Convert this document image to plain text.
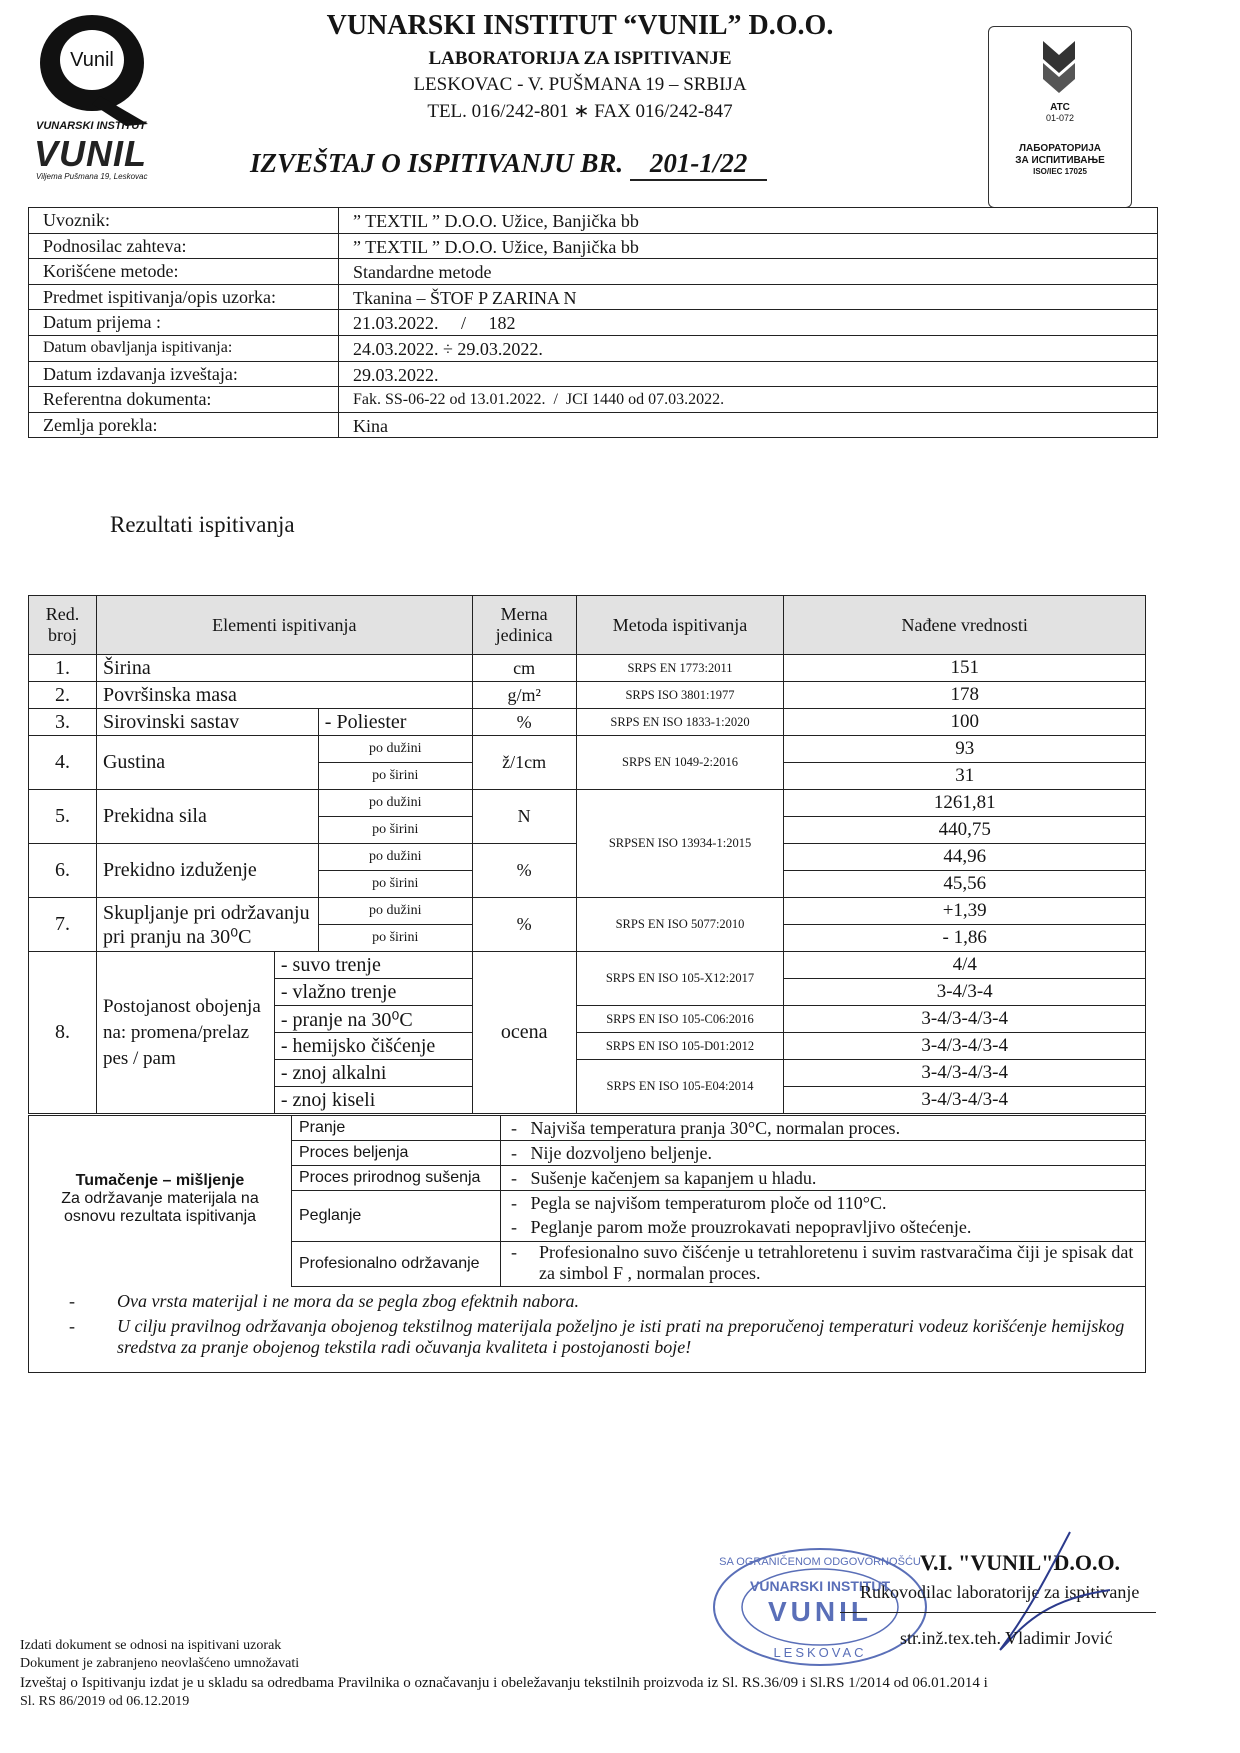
Vunil
VUNARSKI INSTITUT
VUNIL
Viljema Pušmana 19, Leskovac
VUNARSKI INSTITUT “VUNIL” D.O.O.
LABORATORIJA ZA ISPITIVANJE
LESKOVAC - V. PUŠMANA 19 – SRBIJA
TEL. 016/242-801 ∗ FAX 016/242-847
IZVEŠTAJ O ISPITIVANJU BR. 201-1/22
ATC
01-072
ЛАБОРАТОРИЈА
ЗА ИСПИТИВАЊЕ
ISO/IEC 17025
Uvoznik:	” TEXTIL ” D.O.O. Užice, Banjička bb
Podnosilac zahteva:	” TEXTIL ” D.O.O. Užice, Banjička bb
Korišćene metode:	Standardne metode
Predmet ispitivanja/opis uzorka:	Tkanina – ŠTOF P ZARINA N
Datum prijema :	21.03.2022.     /     182
Datum obavljanja ispitivanja:	24.03.2022. ÷ 29.03.2022.
Datum izdavanja izveštaja:	29.03.2022.
Referentna dokumenta:	Fak. SS-06-22 od 13.01.2022.  /  JCI 1440 od 07.03.2022.
Zemlja porekla:	Kina
Rezultati ispitivanja
Red. broj	Elementi ispitivanja			Merna jedinica	Metoda ispitivanja	Nađene vrednosti
1.	Širina			cm	SRPS EN 1773:2011	151
2.	Površinska masa			g/m²	SRPS ISO 3801:1977	178
3.	Sirovinski sastav		- Poliester	%	SRPS EN ISO 1833-1:2020	100
4.	Gustina		po dužini	ž/1cm	SRPS EN 1049-2:2016	93
			po širini			31
5.	Prekidna sila		po dužini	N	SRPSEN ISO 13934-1:2015	1261,81
			po širini			440,75
6.	Prekidno izduženje		po dužini	%		44,96
			po širini			45,56
7.	Skupljanje pri održavanju
pri pranju na 30⁰C		po dužini	%	SRPS EN ISO 5077:2010	+1,39
			po širini			- 1,86
8.	Postojanost obojenja na: promena/prelaz pes / pam	- suvo trenje		ocena	SRPS EN ISO 105-X12:2017	4/4
		- vlažno trenje				3-4/3-4
		- pranje na 30⁰C			SRPS EN ISO 105-C06:2016	3-4/3-4/3-4
		- hemijsko čišćenje			SRPS EN ISO 105-D01:2012	3-4/3-4/3-4
		- znoj alkalni			SRPS EN ISO 105-E04:2014	3-4/3-4/3-4
		- znoj kiseli				3-4/3-4/3-4
Tumačenje – mišljenje
Za održavanje materijala na osnovu rezultata ispitivanja
Pranje	-   Najviša temperatura pranja 30°C, normalan proces.
Proces beljenja	-   Nije dozvoljeno beljenje.
Proces prirodnog sušenja	-   Sušenje kačenjem sa kapanjem u hladu.
Peglanje
-   Pegla se najvišom temperaturom ploče od 110°C.
-   Peglanje parom može prouzrokavati nepopravljivo oštećenje.
Profesionalno održavanje
-	Profesionalno suvo čišćenje u tetrahloretenu i suvim rastvaračima čiji je spisak dat za simbol F , normalan proces.
- Ova vrsta materijal i ne mora da se pegla zbog efektnih nabora.
-	U cilju pravilnog održavanja obojenog tekstilnog materijala poželjno je isti prati na preporučenoj temperaturi vodeuz korišćenje hemijskog sredstva za pranje obojenog tekstila radi očuvanja kvaliteta i postojanosti boje!
SA OGRANIČENOM ODGOVORNOŠĆU
VUNARSKI INSTITUT
VUNIL
LESKOVAC
V.I. "VUNIL"D.O.O.
Rukovodilac laboratorije za ispitivanje
str.inž.tex.teh. Vladimir Jović
Izdati dokument se odnosi na ispitivani uzorak
Dokument je zabranjeno neovlašćeno umnožavati
Izveštaj o Ispitivanju izdat je u skladu sa odredbama Pravilnika o označavanju i obeležavanju tekstilnih proizvoda iz Sl. RS.36/09 i Sl.RS 1/2014 od 06.01.2014 i
Sl. RS 86/2019 od 06.12.2019
